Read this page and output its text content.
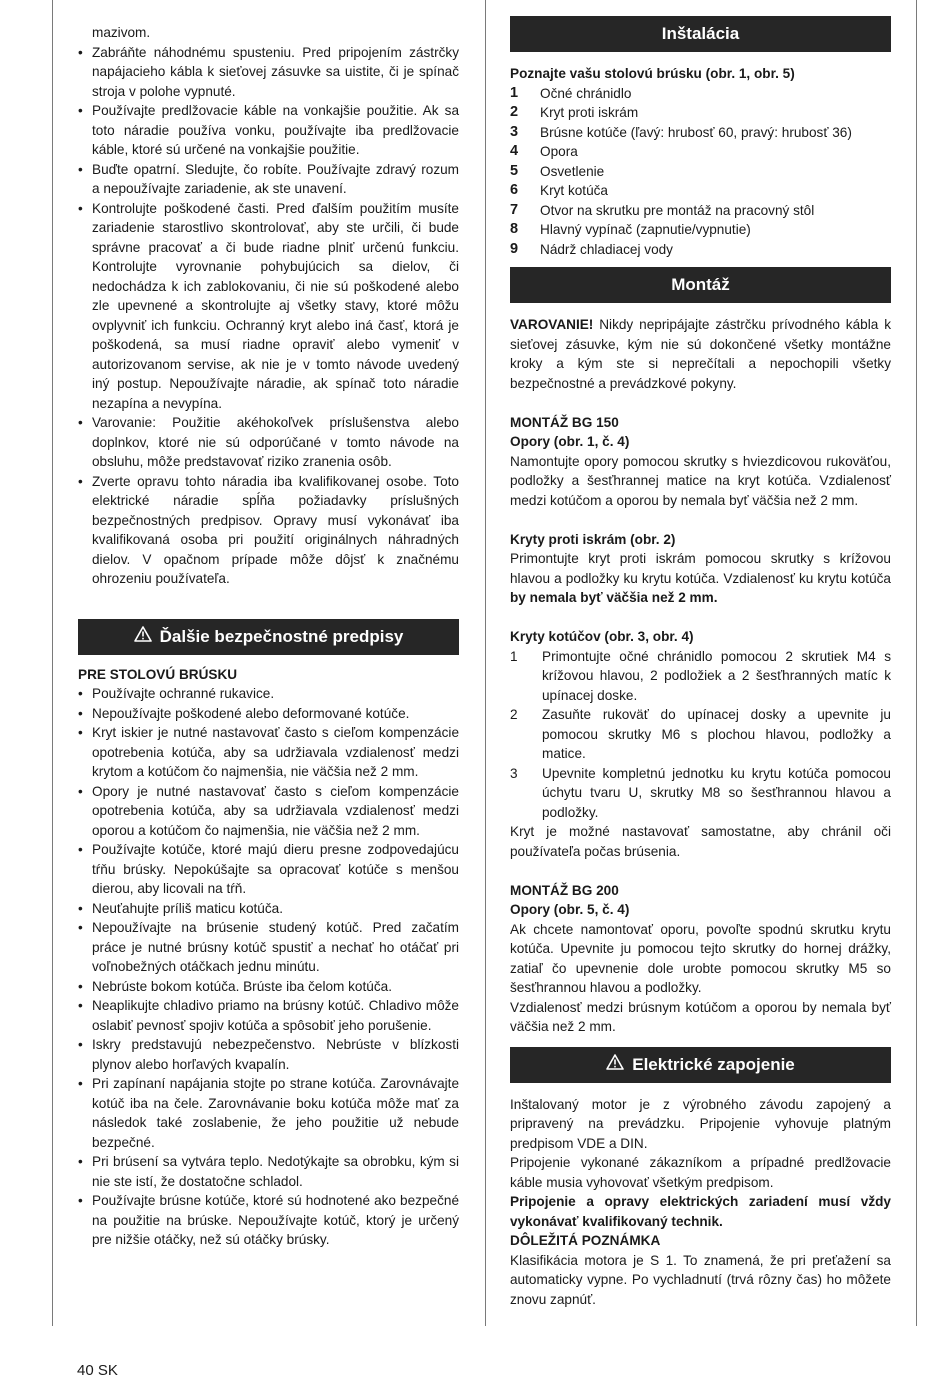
mazivom.
• Zabráňte náhodnému spusteniu. Pred pripojením zástrčky napájacieho kábla k sieťovej zásuvke sa uistite, či je spínač stroja v polohe vypnuté.
• Používajte predlžovacie káble na vonkajšie použitie. Ak sa toto náradie používa vonku, používajte iba predlžovacie káble, ktoré sú určené na vonkajšie použitie.
• Buďte opatrní. Sledujte, čo robíte. Používajte zdravý rozum a nepoužívajte zariadenie, ak ste unavení.
• Kontrolujte poškodené časti. Pred ďalším použitím musíte zariadenie starostlivo skontrolovať, aby ste určili, či bude správne pracovať a či bude riadne plniť určenú funkciu. Kontrolujte vyrovnanie pohybujúcich sa dielov, či nedochádza k ich zablokovaniu, či nie sú poškodené alebo zle upevnené a skontrolujte aj všetky stavy, ktoré môžu ovplyvniť ich funkciu. Ochranný kryt alebo iná časť, ktorá je poškodená, sa musí riadne opraviť alebo vymeniť v autorizovanom servise, ak nie je v tomto návode uvedený iný postup. Nepoužívajte náradie, ak spínač toto náradie nezapína a nevypína.
• Varovanie: Použitie akéhokoľvek príslušenstva alebo doplnkov, ktoré nie sú odporúčané v tomto návode na obsluhu, môže predstavovať riziko zranenia osôb.
• Zverte opravu tohto náradia iba kvalifikovanej osobe. Toto elektrické náradie spĺňa požiadavky príslušných bezpečnostných predpisov. Opravy musí vykonávať iba kvalifikovaná osoba pri použití originálnych náhradných dielov. V opačnom prípade môže dôjsť k značnému ohrozeniu používateľa.
Ďalšie bezpečnostné predpisy
PRE STOLOVÚ BRÚSKU
• Používajte ochranné rukavice.
• Nepoužívajte poškodené alebo deformované kotúče.
• Kryt iskier je nutné nastavovať často s cieľom kompenzácie opotrebenia kotúča, aby sa udržiavala vzdialenosť medzi krytom a kotúčom čo najmenšia, nie väčšia než 2 mm.
• Opory je nutné nastavovať často s cieľom kompenzácie opotrebenia kotúča, aby sa udržiavala vzdialenosť medzi oporou a kotúčom čo najmenšia, nie väčšia než 2 mm.
• Používajte kotúče, ktoré majú dieru presne zodpovedajúcu tŕňu brúsky. Nepokúšajte sa opracovať kotúče s menšou dierou, aby licovali na tŕň.
• Neuťahujte príliš maticu kotúča.
• Nepoužívajte na brúsenie studený kotúč. Pred začatím práce je nutné brúsny kotúč spustiť a nechať ho otáčať pri voľnobežných otáčkach jednu minútu.
• Nebrúste bokom kotúča. Brúste iba čelom kotúča.
• Neaplikujte chladivo priamo na brúsny kotúč. Chladivo môže oslabiť pevnosť spojiv kotúča a spôsobiť jeho porušenie.
• Iskry predstavujú nebezpečenstvo. Nebrúste v blízkosti plynov alebo horľavých kvapalín.
• Pri zapínaní napájania stojte po strane kotúča. Zarovnávajte kotúč iba na čele. Zarovnávanie boku kotúča môže mať za následok také zoslabenie, že jeho použitie už nebude bezpečné.
• Pri brúsení sa vytvára teplo. Nedotýkajte sa obrobku, kým si nie ste istí, že dostatočne schladol.
• Používajte brúsne kotúče, ktoré sú hodnotené ako bezpečné na použitie na brúske. Nepoužívajte kotúč, ktorý je určený pre nižšie otáčky, než sú otáčky brúsky.
Inštalácia
Poznajte vašu stolovú brúsku (obr. 1, obr. 5)
1	Očné chránidlo
2	Kryt proti iskrám
3	Brúsne kotúče (ľavý: hrubosť 60, pravý: hrubosť 36)
4	Opora
5	Osvetlenie
6	Kryt kotúča
7	Otvor na skrutku pre montáž na pracovný stôl
8	Hlavný vypínač (zapnutie/vypnutie)
9	Nádrž chladiacej vody
Montáž
VAROVANIE! Nikdy nepripájajte zástrčku prívodného kábla k sieťovej zásuvke, kým nie sú dokončené všetky montážne kroky a kým ste si neprečítali a nepochopili všetky bezpečnostné a prevádzkové pokyny.
MONTÁŽ BG 150
Opory (obr. 1, č. 4)
Namontujte opory pomocou skrutky s hviezdicovou rukoväťou, podložky a šesťhrannej matice na kryt kotúča. Vzdialenosť medzi kotúčom a oporou by nemala byť väčšia než 2 mm.
Kryty proti iskrám (obr. 2)
Primontujte kryt proti iskrám pomocou skrutky s krížovou hlavou a podložky ku krytu kotúča. Vzdialenosť ku krytu kotúča by nemala byť väčšia než 2 mm.
Kryty kotúčov (obr. 3, obr. 4)
1	Primontujte očné chránidlo pomocou 2 skrutiek M4 s krížovou hlavou, 2 podložiek a 2 šesťhranných matíc k upínacej doske.
2	Zasuňte rukoväť do upínacej dosky a upevnite ju pomocou skrutky M6 s plochou hlavou, podložky a matice.
3	Upevnite kompletnú jednotku ku krytu kotúča pomocou úchytu tvaru U, skrutky M8 so šesťhrannou hlavou a podložky.
Kryt je možné nastavovať samostatne, aby chránil oči používateľa počas brúsenia.
MONTÁŽ BG 200
Opory (obr. 5, č. 4)
Ak chcete namontovať oporu, povoľte spodnú skrutku krytu kotúča. Upevnite ju pomocou tejto skrutky do hornej drážky, zatiaľ čo upevnenie dole urobte pomocou skrutky M5 so šesťhrannou hlavou a podložky.
Vzdialenosť medzi brúsnym kotúčom a oporou by nemala byť väčšia než 2 mm.
Elektrické zapojenie
Inštalovaný motor je z výrobného závodu zapojený a pripravený na prevádzku. Pripojenie vyhovuje platným predpisom VDE a DIN.
Pripojenie vykonané zákazníkom a prípadné predlžovacie káble musia vyhovovať všetkým predpisom.
Pripojenie a opravy elektrických zariadení musí vždy vykonávať kvalifikovaný technik.
DÔLEŽITÁ POZNÁMKA
Klasifikácia motora je S 1. To znamená, že pri preťažení sa automaticky vypne. Po vychladnutí (trvá rôzny čas) ho môžete znovu zapnúť.
40 SK
